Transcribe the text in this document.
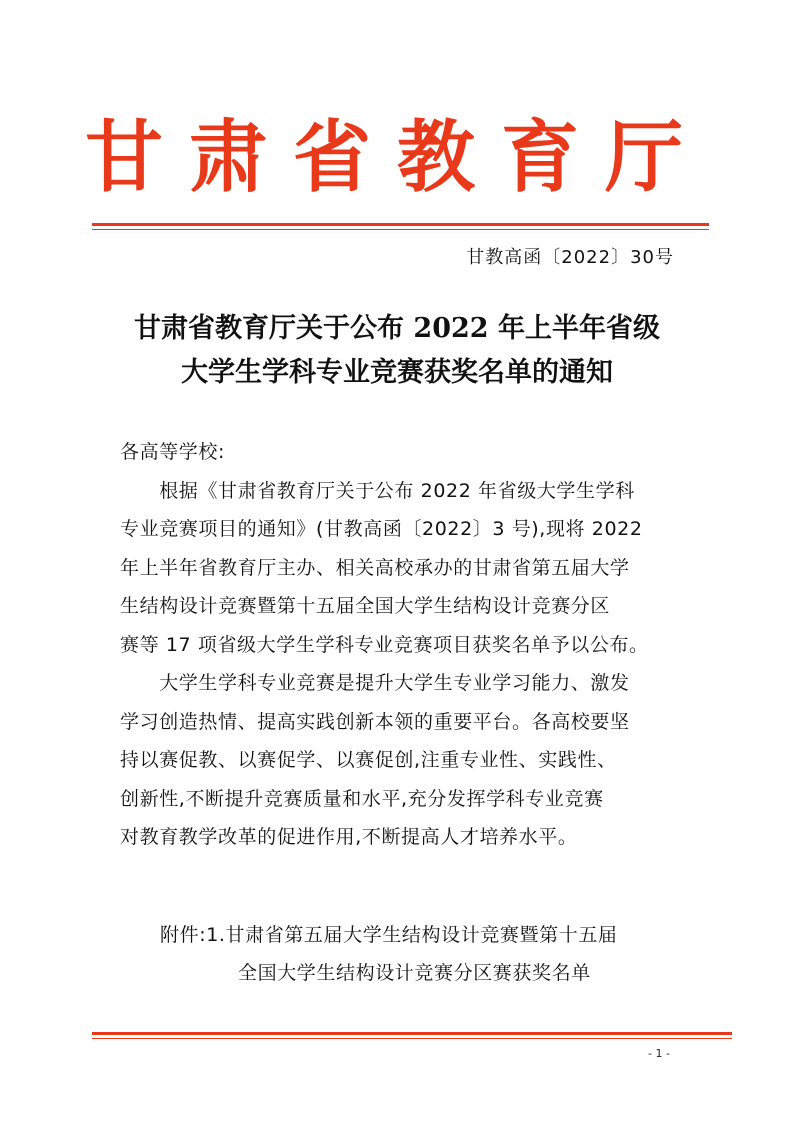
甘肃省教育厅
甘教高函〔2022〕30号
甘肃省教育厅关于公布 2022 年上半年省级
大学生学科专业竞赛获奖名单的通知
各高等学校:
　　根据《甘肃省教育厅关于公布 2022 年省级大学生学科
专业竞赛项目的通知》(甘教高函〔2022〕3 号),现将 2022
年上半年省教育厅主办、相关高校承办的甘肃省第五届大学
生结构设计竞赛暨第十五届全国大学生结构设计竞赛分区
赛等 17 项省级大学生学科专业竞赛项目获奖名单予以公布。
　　大学生学科专业竞赛是提升大学生专业学习能力、激发
学习创造热情、提高实践创新本领的重要平台。各高校要坚
持以赛促教、以赛促学、以赛促创,注重专业性、实践性、
创新性,不断提升竞赛质量和水平,充分发挥学科专业竞赛
对教育教学改革的促进作用,不断提高人才培养水平。
附件:1.甘肃省第五届大学生结构设计竞赛暨第十五届
全国大学生结构设计竞赛分区赛获奖名单
- 1 -
